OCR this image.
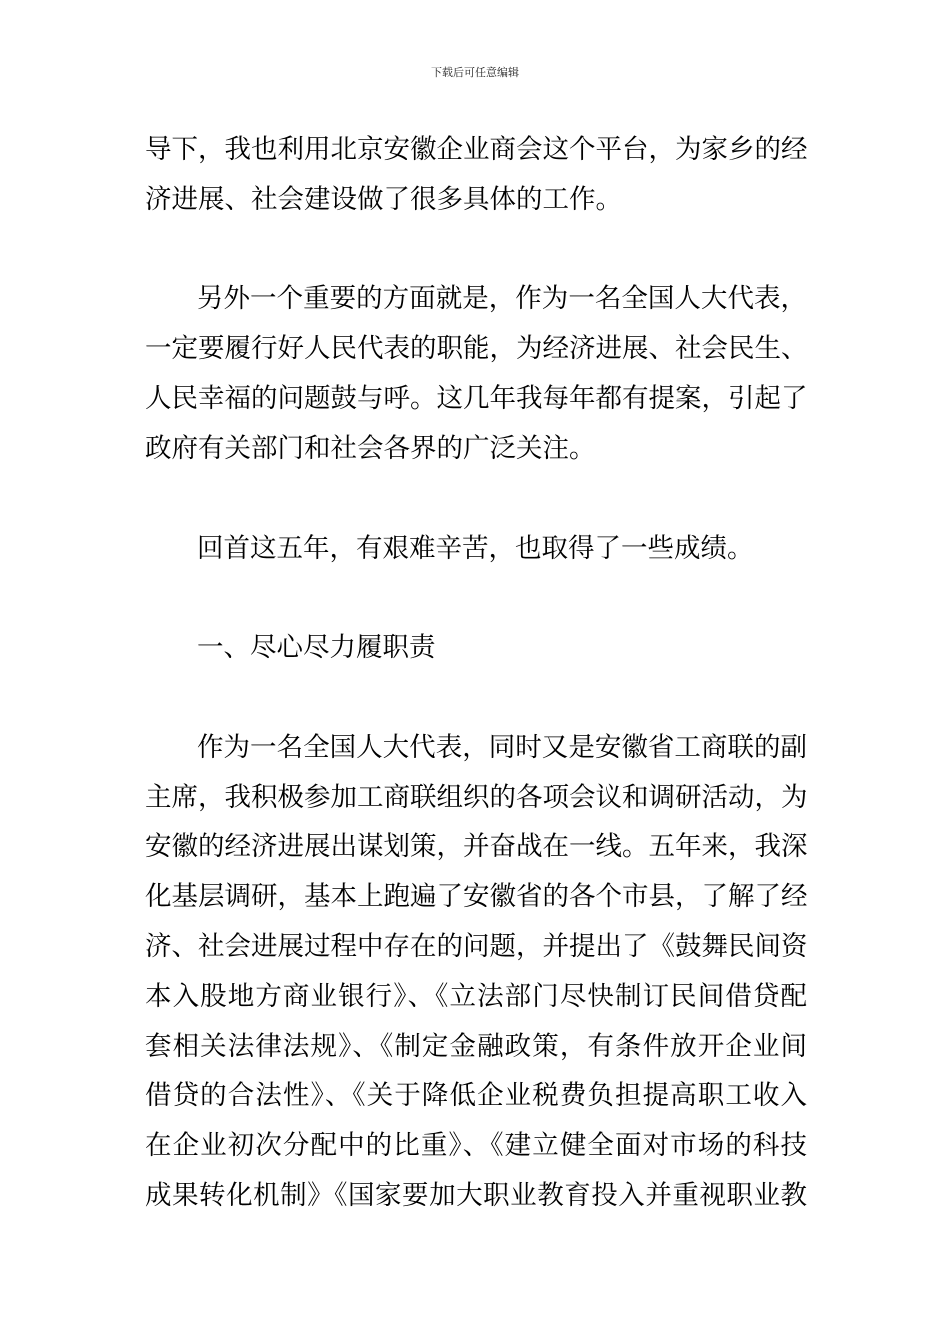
下载后可任意编辑
导下，我也利用北京安徽企业商会这个平台，为家乡的经
济进展、社会建设做了很多具体的工作。
另外一个重要的方面就是，作为一名全国人大代表，
一定要履行好人民代表的职能，为经济进展、社会民生、
人民幸福的问题鼓与呼。这几年我每年都有提案，引起了
政府有关部门和社会各界的广泛关注。
回首这五年，有艰难辛苦，也取得了一些成绩。
一、尽心尽力履职责
作为一名全国人大代表，同时又是安徽省工商联的副
主席，我积极参加工商联组织的各项会议和调研活动，为
安徽的经济进展出谋划策，并奋战在一线。五年来，我深
化基层调研，基本上跑遍了安徽省的各个市县，了解了经
济、社会进展过程中存在的问题，并提出了《鼓舞民间资
本入股地方商业银行》、《立法部门尽快制订民间借贷配
套相关法律法规》、《制定金融政策，有条件放开企业间
借贷的合法性》、《关于降低企业税费负担提高职工收入
在企业初次分配中的比重》、《建立健全面对市场的科技
成果转化机制》《国家要加大职业教育投入并重视职业教
